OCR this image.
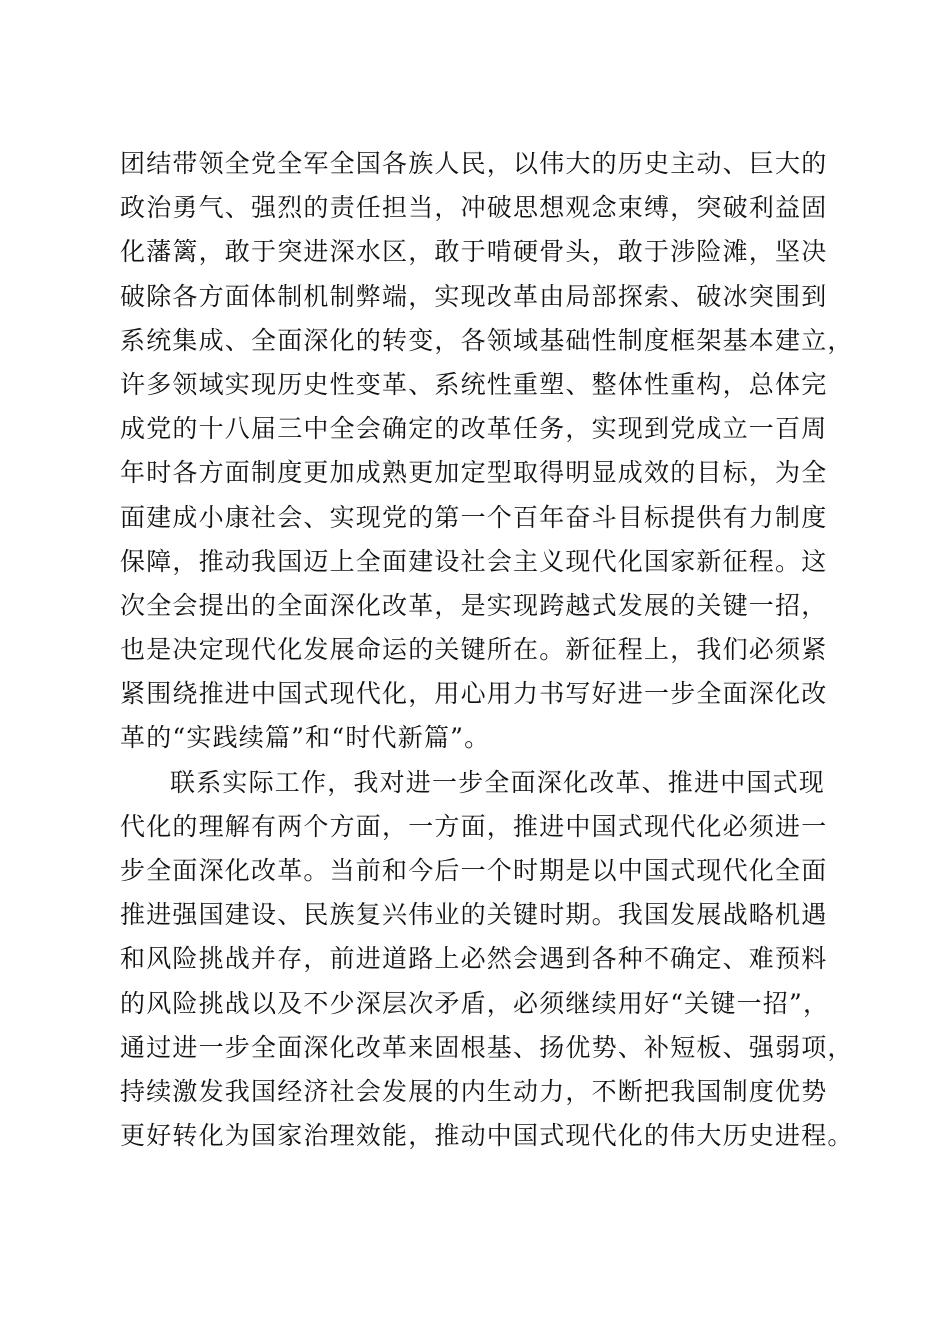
团结带领全党全军全国各族人民，以伟大的历史主动、巨大的
政治勇气、强烈的责任担当，冲破思想观念束缚，突破利益固
化藩篱，敢于突进深水区，敢于啃硬骨头，敢于涉险滩，坚决
破除各方面体制机制弊端，实现改革由局部探索、破冰突围到
系统集成、全面深化的转变，各领域基础性制度框架基本建立，
许多领域实现历史性变革、系统性重塑、整体性重构，总体完
成党的十八届三中全会确定的改革任务，实现到党成立一百周
年时各方面制度更加成熟更加定型取得明显成效的目标，为全
面建成小康社会、实现党的第一个百年奋斗目标提供有力制度
保障，推动我国迈上全面建设社会主义现代化国家新征程。这
次全会提出的全面深化改革，是实现跨越式发展的关键一招，
也是决定现代化发展命运的关键所在。新征程上，我们必须紧
紧围绕推进中国式现代化，用心用力书写好进一步全面深化改
革的“实践续篇”和“时代新篇”。
联系实际工作，我对进一步全面深化改革、推进中国式现
代化的理解有两个方面，一方面，推进中国式现代化必须进一
步全面深化改革。当前和今后一个时期是以中国式现代化全面
推进强国建设、民族复兴伟业的关键时期。我国发展战略机遇
和风险挑战并存，前进道路上必然会遇到各种不确定、难预料
的风险挑战以及不少深层次矛盾，必须继续用好“关键一招”，
通过进一步全面深化改革来固根基、扬优势、补短板、强弱项，
持续激发我国经济社会发展的内生动力，不断把我国制度优势
更好转化为国家治理效能，推动中国式现代化的伟大历史进程。
